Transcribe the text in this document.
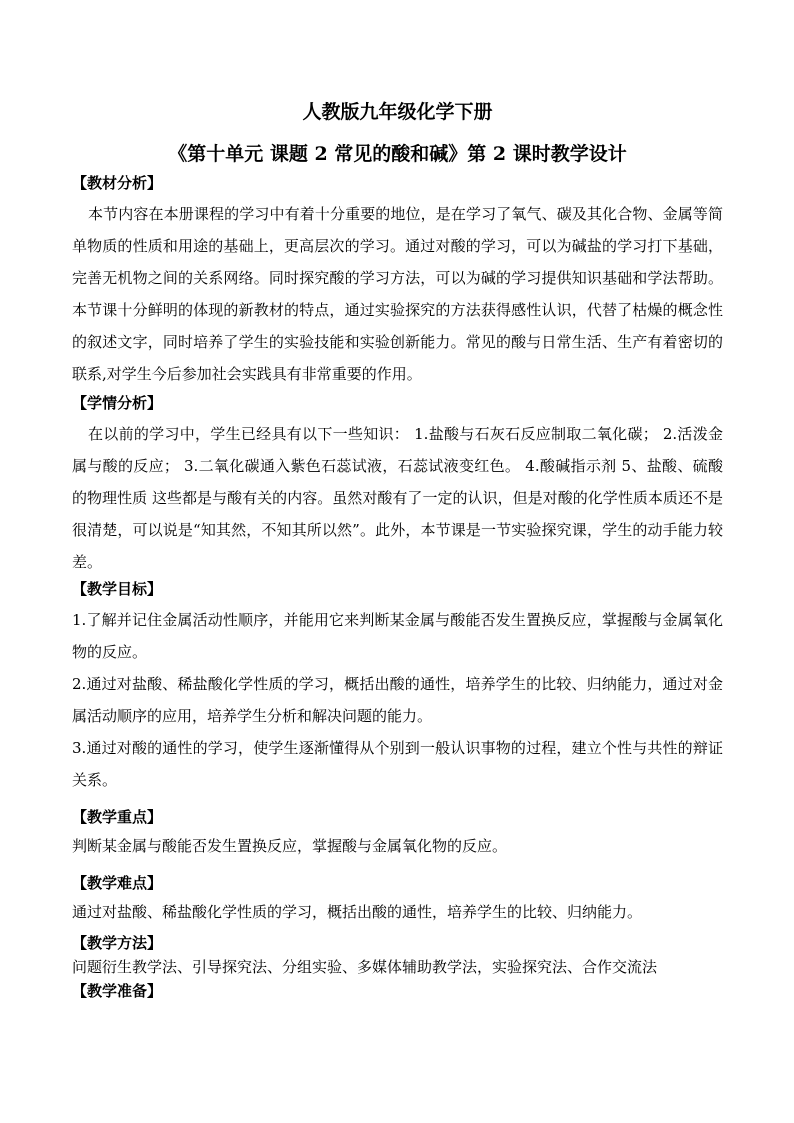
人教版九年级化学下册
《第十单元 课题 2 常见的酸和碱》第 2 课时教学设计
【教材分析】

本节内容在本册课程的学习中有着十分重要的地位，是在学习了氧气、碳及其化合物、金属等简单物质的性质和用途的基础上，更高层次的学习。通过对酸的学习，可以为碱盐的学习打下基础，完善无机物之间的关系网络。同时探究酸的学习方法，可以为碱的学习提供知识基础和学法帮助。本节课十分鲜明的体现的新教材的特点，通过实验探究的方法获得感性认识，代替了枯燥的概念性的叙述文字，同时培养了学生的实验技能和实验创新能力。常见的酸与日常生活、生产有着密切的联系,对学生今后参加社会实践具有非常重要的作用。

【学情分析】

在以前的学习中，学生已经具有以下一些知识： 1.盐酸与石灰石反应制取二氧化碳； 2.活泼金属与酸的反应； 3.二氧化碳通入紫色石蕊试液，石蕊试液变红色。 4.酸碱指示剂 5、盐酸、硫酸的物理性质 这些都是与酸有关的内容。虽然对酸有了一定的认识，但是对酸的化学性质本质还不是很清楚，可以说是“知其然，不知其所以然”。此外，本节课是一节实验探究课，学生的动手能力较差。

【教学目标】

1.了解并记住金属活动性顺序，并能用它来判断某金属与酸能否发生置换反应，掌握酸与金属氧化物的反应。

2.通过对盐酸、稀盐酸化学性质的学习，概括出酸的通性，培养学生的比较、归纳能力，通过对金属活动顺序的应用，培养学生分析和解决问题的能力。

3.通过对酸的通性的学习，使学生逐渐懂得从个别到一般认识事物的过程，建立个性与共性的辩证关系。

【教学重点】

判断某金属与酸能否发生置换反应，掌握酸与金属氧化物的反应。

【教学难点】

通过对盐酸、稀盐酸化学性质的学习，概括出酸的通性，培养学生的比较、归纳能力。

【教学方法】

问题衍生教学法、引导探究法、分组实验、多媒体辅助教学法，实验探究法、合作交流法

【教学准备】
